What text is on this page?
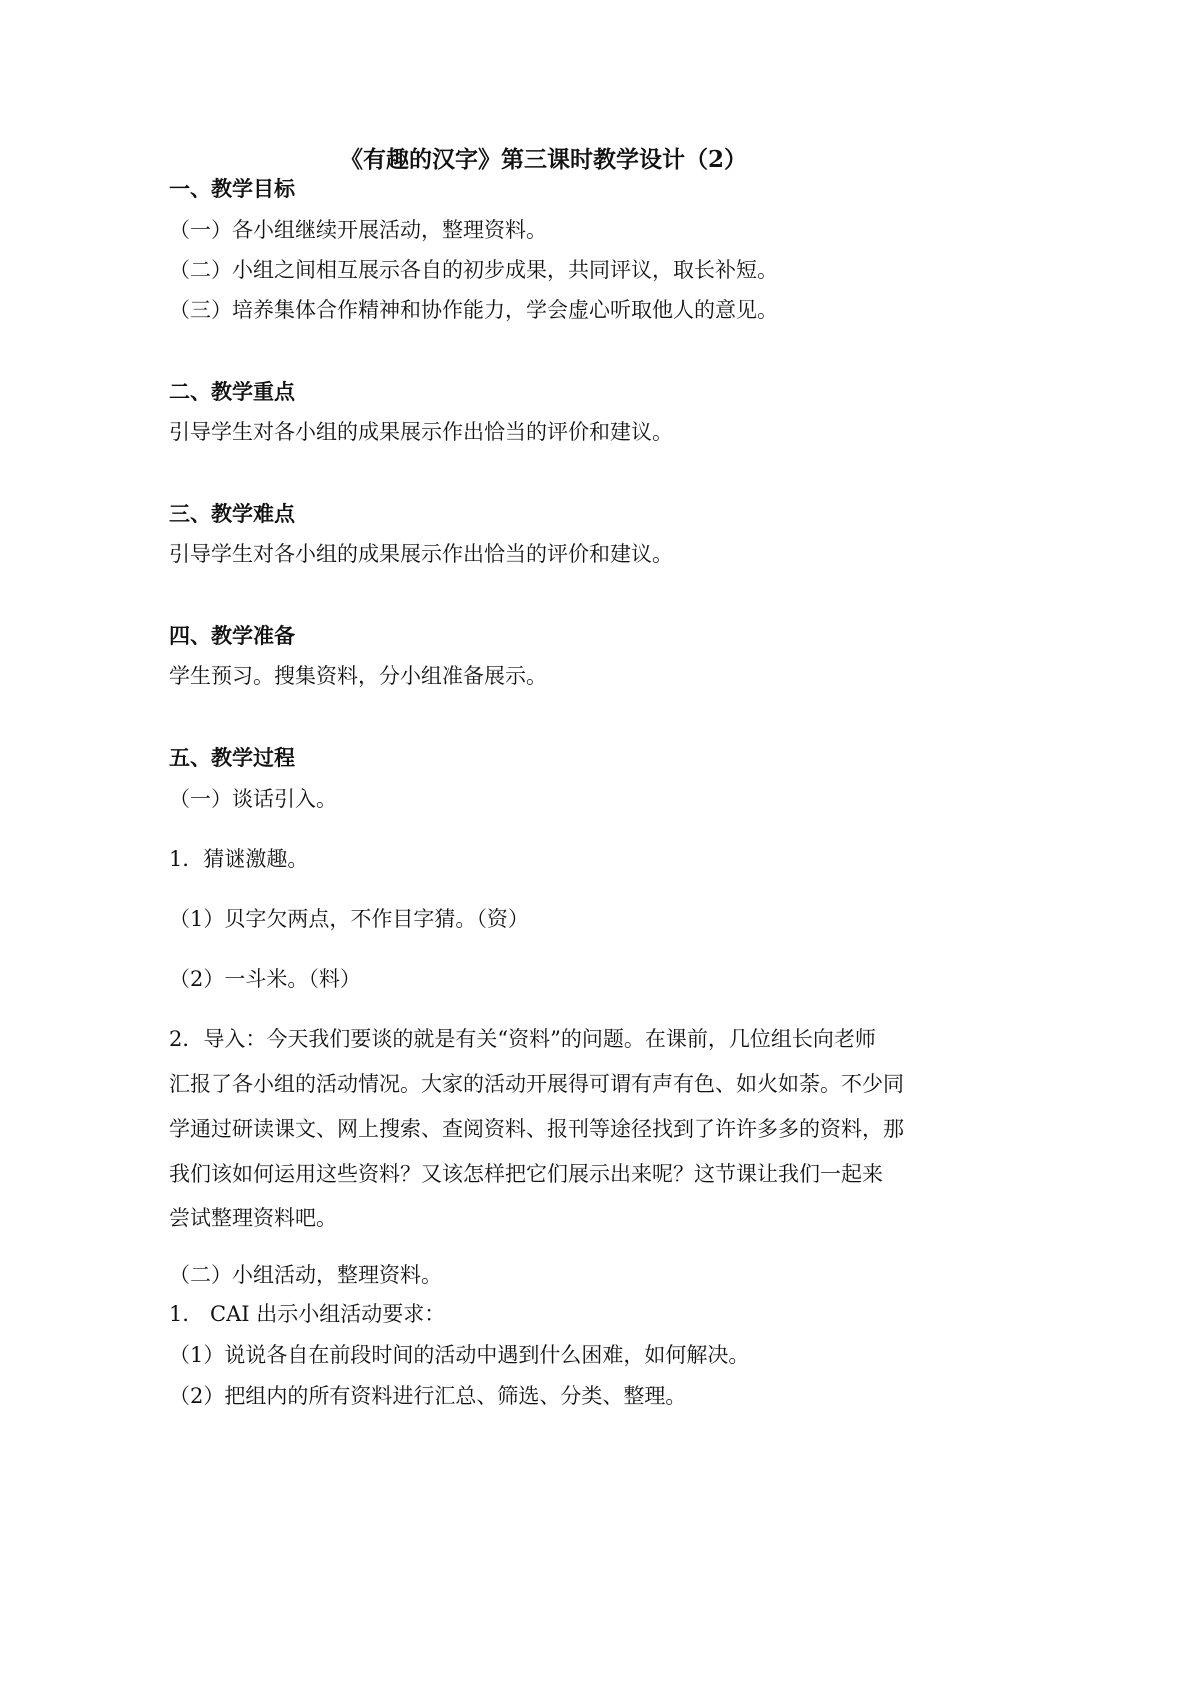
《有趣的汉字》第三课时教学设计（2）
一、教学目标
（一）各小组继续开展活动，整理资料。
（二）小组之间相互展示各自的初步成果，共同评议，取长补短。
（三）培养集体合作精神和协作能力，学会虚心听取他人的意见。
二、教学重点
引导学生对各小组的成果展示作出恰当的评价和建议。
三、教学难点
引导学生对各小组的成果展示作出恰当的评价和建议。
四、教学准备
学生预习。搜集资料，分小组准备展示。
五、教学过程
（一）谈话引入。
1．猜谜激趣。
（1）贝字欠两点，不作目字猜。（资）
（2）一斗米。（料）
2．导入：今天我们要谈的就是有关“资料”的问题。在课前，几位组长向老师
汇报了各小组的活动情况。大家的活动开展得可谓有声有色、如火如荼。不少同
学通过研读课文、网上搜索、查阅资料、报刊等途径找到了许许多多的资料，那
我们该如何运用这些资料？又该怎样把它们展示出来呢？这节课让我们一起来
尝试整理资料吧。
（二）小组活动，整理资料。
1． CAI 出示小组活动要求：
（1）说说各自在前段时间的活动中遇到什么困难，如何解决。
（2）把组内的所有资料进行汇总、筛选、分类、整理。
